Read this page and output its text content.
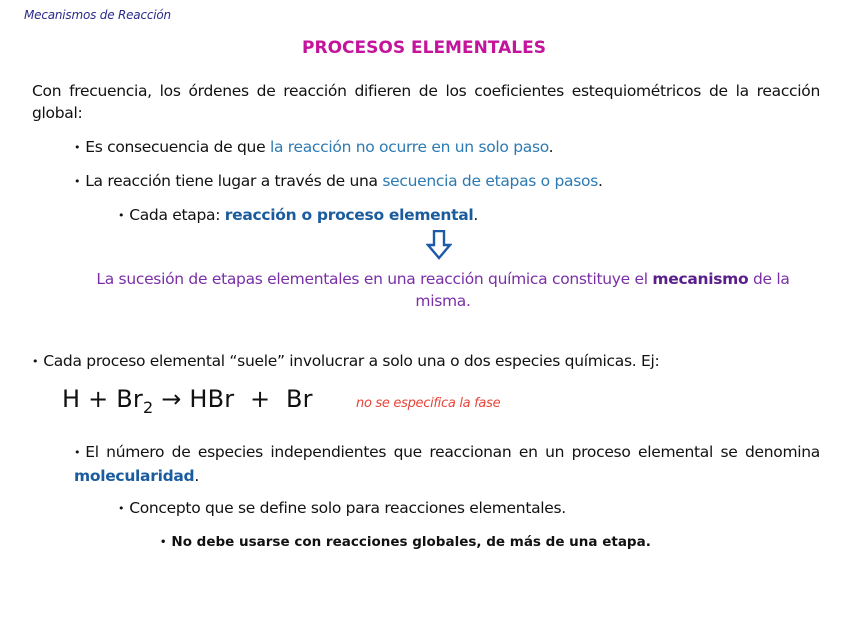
Mecanismos de Reacción
PROCESOS ELEMENTALES
Con frecuencia, los órdenes de reacción difieren de los coeficientes estequiométricos de la reacción global:
• Es consecuencia de que la reacción no ocurre en un solo paso.
• La reacción tiene lugar a través de una secuencia de etapas o pasos.
• Cada etapa: reacción o proceso elemental.
La sucesión de etapas elementales en una reacción química constituye el mecanismo de la misma.
• Cada proceso elemental “suele” involucrar a solo una o dos especies químicas. Ej:
$H + Br_2$ → HBr  +  Br	no se especifica la fase
• El número de especies independientes que reaccionan en un proceso elemental se denomina molecularidad.
• Concepto que se define solo para reacciones elementales.
• No debe usarse con reacciones globales, de más de una etapa.
